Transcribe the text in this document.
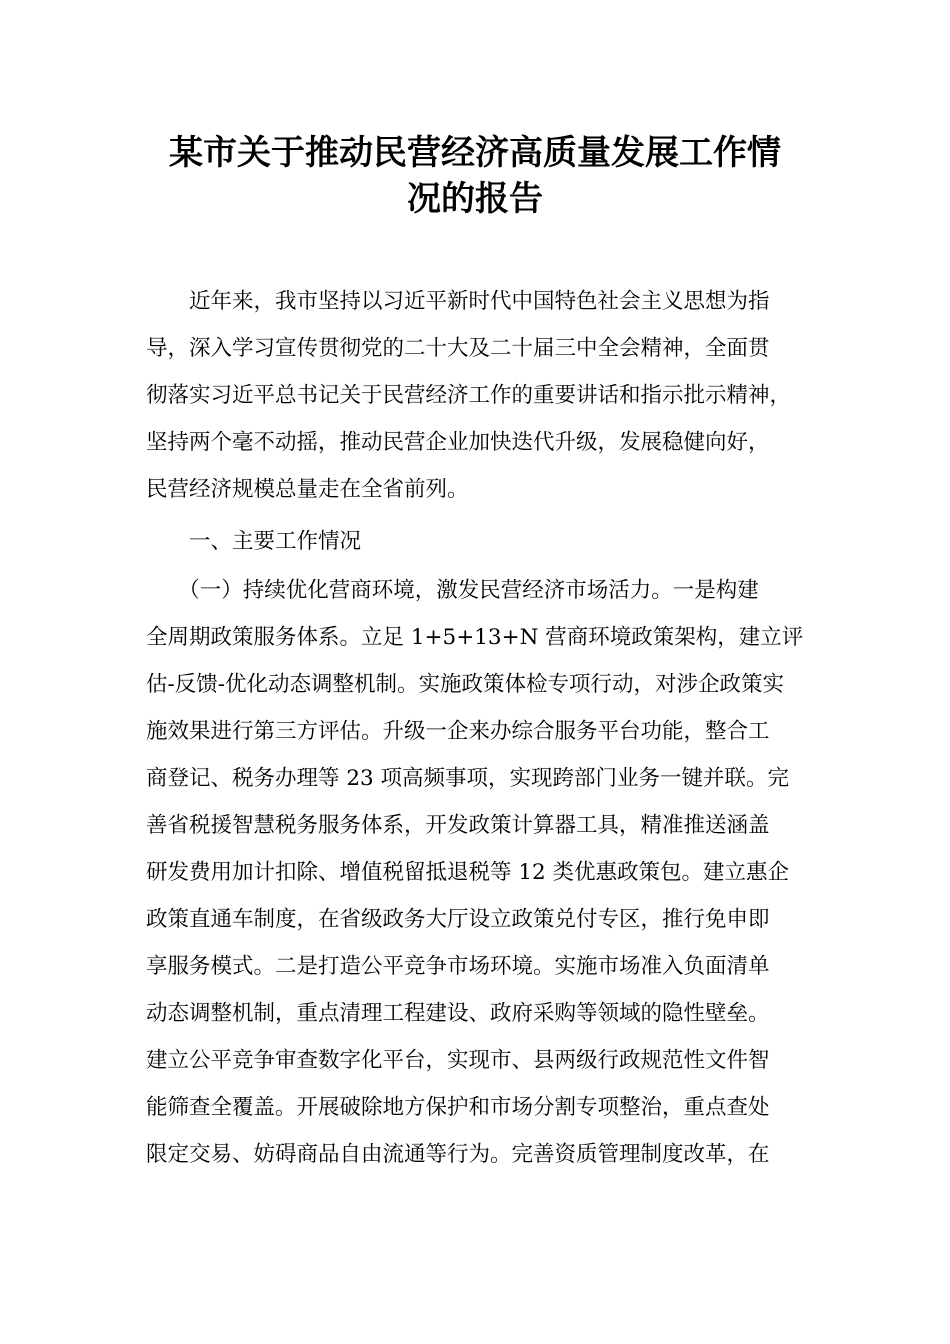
某市关于推动民营经济高质量发展工作情
况的报告
　　近年来，我市坚持以习近平新时代中国特色社会主义思想为指
导，深入学习宣传贯彻党的二十大及二十届三中全会精神，全面贯
彻落实习近平总书记关于民营经济工作的重要讲话和指示批示精神，
坚持两个毫不动摇，推动民营企业加快迭代升级，发展稳健向好，
民营经济规模总量走在全省前列。
　　一、主要工作情况
　　（一）持续优化营商环境，激发民营经济市场活力。一是构建
全周期政策服务体系。立足 1+5+13+N 营商环境政策架构，建立评
估-反馈-优化动态调整机制。实施政策体检专项行动，对涉企政策实
施效果进行第三方评估。升级一企来办综合服务平台功能，整合工
商登记、税务办理等 23 项高频事项，实现跨部门业务一键并联。完
善省税援智慧税务服务体系，开发政策计算器工具，精准推送涵盖
研发费用加计扣除、增值税留抵退税等 12 类优惠政策包。建立惠企
政策直通车制度，在省级政务大厅设立政策兑付专区，推行免申即
享服务模式。二是打造公平竞争市场环境。实施市场准入负面清单
动态调整机制，重点清理工程建设、政府采购等领域的隐性壁垒。
建立公平竞争审查数字化平台，实现市、县两级行政规范性文件智
能筛查全覆盖。开展破除地方保护和市场分割专项整治，重点查处
限定交易、妨碍商品自由流通等行为。完善资质管理制度改革，在
